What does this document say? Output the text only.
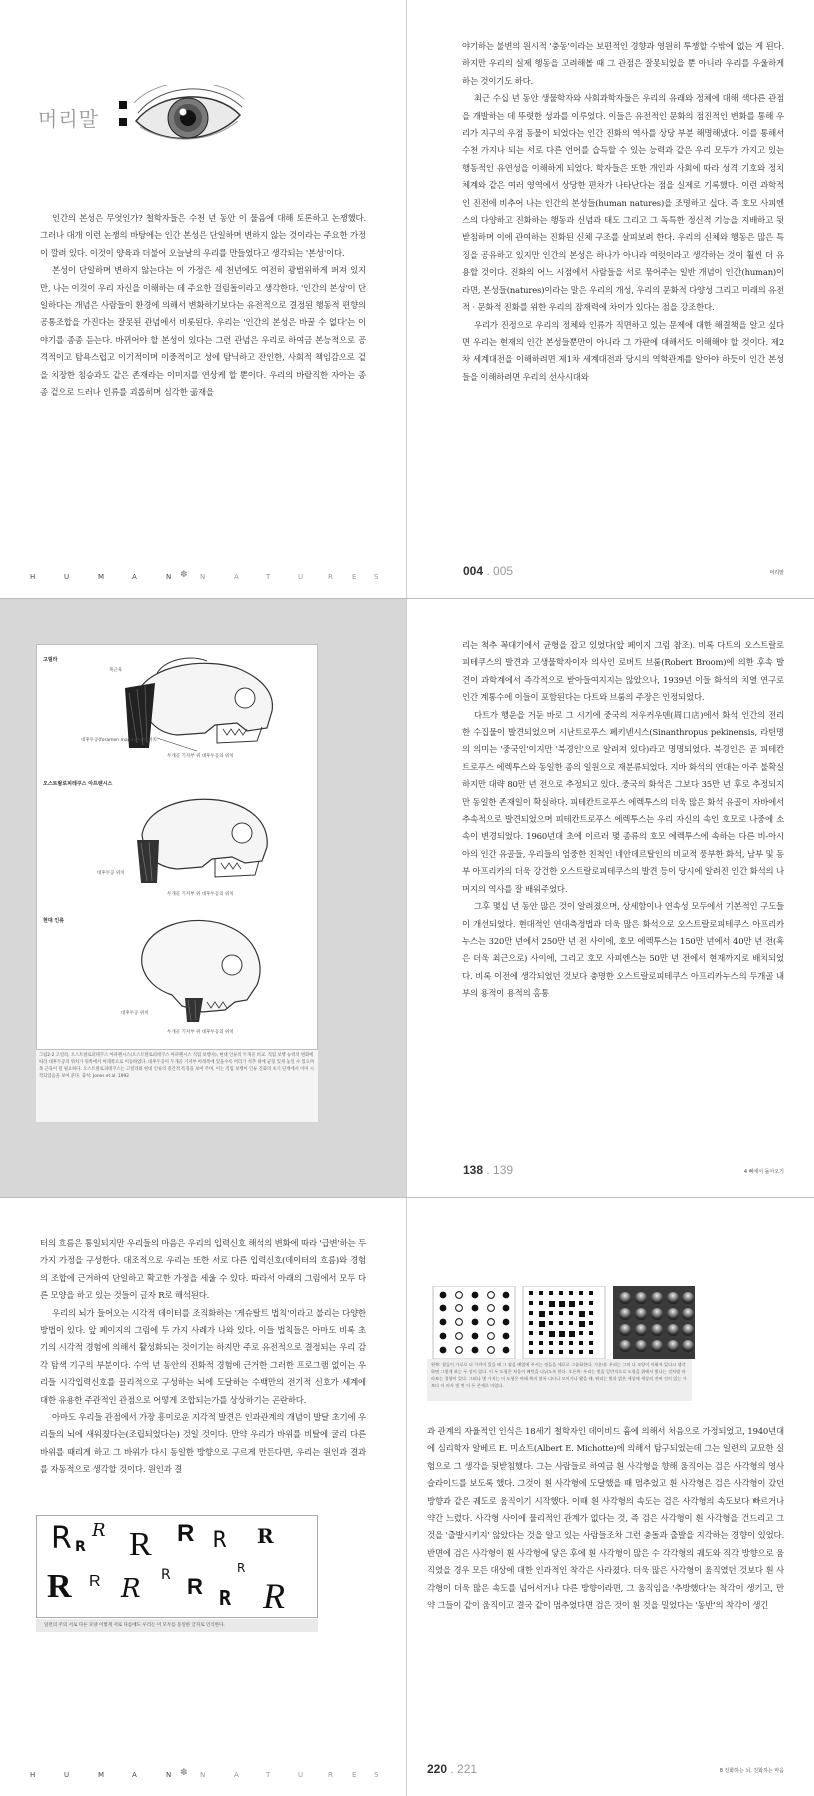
머리말

인간의 본성은 무엇인가? 철학자들은 수천 년 동안 이 물음에 대해 토론하고 논쟁했다. 그러나 대개 이런 논쟁의 바탕에는 인간 본성은 단일하며 변하지 않는 것이라는 주요한 가정이 깔려 있다. 이것이 양육과 더불어 오늘날의 우리를 만들었다고 생각되는 '본성'이다.

본성이 단일하며 변하지 않는다는 이 가정은 세 천년에도 여전히 광범위하게 퍼져 있지만, 나는 이것이 우리 자신을 이해하는 데 주요한 걸림돌이라고 생각한다. '인간의 본성'이 단일하다는 개념은 사람들이 환경에 의해서 변화하기보다는 유전적으로 결정된 행동적 편향의 공통조합을 가진다는 잘못된 관념에서 비롯된다. 우리는 '인간의 본성은 바꿀 수 없다'는 이야기를 종종 듣는다. 바뀌어야 할 본성이 있다는 그런 관념은 우리로 하여금 본능적으로 공격적이고 탐욕스럽고 이기적이며 이중적이고 성에 탐닉하고 잔인한, 사회적 책임감으로 겉을 치장한 침승과도 같은 존재라는 이미지를 연상케 할 뿐이다. 우리의 바람직한 자아는 종종 겉으로 드러나 인류를 괴롭히며 심각한 곪재을

H	U	M	A	N ✽ N	A	T	U	R	E	S

야기하는 불변의 원시적 '충동'이라는 보편적인 경향과 영원히 투쟁할 수밖에 없는 게 된다. 하지만 우리의 실제 행동을 고려해볼 때 그 관점은 잘못되었을 뿐 아니라 우리를 우울하게 하는 것이기도 하다.

최근 수십 년 동안 생물학자와 사회과학자들은 우리의 유래와 정체에 대해 색다른 관점을 개발하는 데 뚜렷한 성과를 이루었다. 이들은 유전적인 문화의 점진적인 변화를 통해 우리가 지구의 우점 동물이 되었다는 인간 진화의 역사를 상당 부분 해명해냈다. 이를 통해서 수천 가지나 되는 서로 다른 언어를 습득할 수 있는 능력과 같은 우리 모두가 가지고 있는 행동적인 유연성을 이해하게 되었다. 학자들은 또한 개인과 사회에 따라 성격 기호와 정치 체계와 같은 여러 영역에서 상당한 편차가 나타난다는 점을 실제로 기록했다. 이런 과학적인 진전에 비추어 나는 인간의 본성들(human natures)을 조명하고 싶다. 즉 호모 사피엔스의 다양하고 진화하는 행동과 신념과 태도 그리고 그 독특한 정신적 기능을 지배하고 뒷받침하며 이에 관여하는 진화된 신체 구조를 살피보려 한다. 우리의 신체와 행동은 많은 특징을 공유하고 있지만 인간의 본성은 하나가 아니라 여럿이라고 생각하는 것이 훨씬 더 유용할 것이다. 진화의 어느 시점에서 사람들을 서로 묶어주는 일반 개념이 인간(human)이라면, 본성들(natures)이라는 말은 우리의 개성, 우리의 문화적 다양성 그리고 미래의 유전적 · 문화적 진화를 위한 우리의 잠재력에 차이가 있다는 점을 강조한다.

우리가 진정으로 우리의 정체와 인류가 직면하고 있는 문제에 대한 해결책을 알고 싶다면 우리는 현재의 인간 본성들뿐만이 아니라 그 가판에 대해서도 이해해야 할 것이다. 제2차 세계대전을 이해하려면 제1차 세계대전과 당시의 역학관계를 알아야 하듯이 인간 본성들을 이해하려면 우리의 선사시대와

004 . 005	머리말
고릴라
목근육
대후두공(foramen magnum)의 위치
두개골 기저부 위 대후두공의 위치
오스트랄로피테쿠스 아프렌시스
대후두공 위치
두개골 기저부 위 대후두공의 위치
현대 인류
대후두공 위치
두개골 기저부 위 대후두공의 위치
그림2-2 고릴라, 오스트랄로피테쿠스 아파렌시스(오스트랄로피테쿠스 아파렌시스 직립 보행자), 현대 인류의 두개골 비교. 직립 보행 능력의 변화에 따라 대후두공의 위치가 뒤쪽에서 아래쪽으로 이동하였다. 대후두공이 두개골 기저부 아래쪽에 있을수록 머리가 척추 위에 균형 있게 놓일 수 있으며 목 근육이 덜 필요하다. 오스트랄로피테쿠스는 고릴라와 현대 인류의 중간적 특징을 보여 주며, 이는 직립 보행이 인류 진화의 초기 단계에서 이미 시작되었음을 보여 준다. 출처: Jones et al. 1992

리는 척추 꼭대기에서 균형을 잡고 있었다(앞 페이지 그림 참조). 비록 다트의 오스트랄로피테쿠스의 발견과 고생물학자이자 의사인 로버트 브룸(Robert Broom)에 의한 후속 발견이 과학계에서 즉각적으로 받아들여지지는 않았으나, 1939년 이들 화석의 치열 연구로 인간 계통수에 이들이 포함된다는 다트와 브룸의 주장은 인정되었다.

다트가 행운을 거둔 바로 그 시기에 중국의 저우커우뎬(周口店)에서 화석 인간의 전리한 수집물이 발견되었으며 시난트로푸스 페키넨시스(Sinanthropus pekinensis, 라틴명의 의미는 '중국인'이지만 '북경인'으로 알려져 있다)라고 명명되었다. 북경인은 곧 피테칸트로푸스 에렉투스와 동일한 종의 일원으로 재분류되었다. 지바 화석의 연대는 아주 불확실하지만 대략 80만 년 전으로 추정되고 있다. 중국의 화석은 그보다 35만 년 후로 추정되지만 동일한 존재일이 확실하다. 피테칸트로푸스 에렉투스의 더욱 많은 화석 유골이 자바에서 추속적으로 발견되었으며 피테칸트로푸스 에렉투스는 우리 자신의 속인 호모로 나중에 소속이 변경되었다. 1960년대 초에 이르러 몇 종류의 호모 에렉투스에 속하는 다른 비-아시아의 인간 유골들, 우리들의 엄중한 친척인 네안데르탈인의 비교적 풍부한 화석, 남부 및 동부 아프리카의 더욱 강건한 오스트랄로피테쿠스의 발견 등이 당시에 알려진 인간 화석의 나머지의 역사를 잘 배워주었다.

그후 몇십 년 동안 많은 것이 알려졌으며, 상세함이나 연속성 모두에서 기본적인 구도들이 개선되었다. 현대적인 연대측정법과 더욱 많은 화석으로 오스트랄로피테쿠스 아프리카누스는 320만 년에서 250만 년 전 사이에, 호모 에렉투스는 150만 년에서 40만 년 전(혹은 더욱 최근으로) 사이에, 그리고 호모 사피엔스는 50만 년 전에서 현재까지로 배치되었다. 비록 이전에 생각되었던 것보다 충명한 오스트랄로피테쿠스 아프리카누스의 두개골 내부의 용적이 용적의 홈통

138 . 139	4 뼈에서 돌아오기

터의 흐름은 통일되지만 우리들의 마음은 우리의 입력신호 해석의 변화에 따라 '급변'하는 두 가지 가정을 구성한다. 대조적으로 우리는 또한 서로 다른 입력신호(데이터의 흐름)와 경험의 조합에 근거하여 단일하고 확고한 가정을 세울 수 있다. 따라서 아래의 그림에서 모두 다른 모양을 하고 있는 것들이 글자 R로 해석된다.

우리의 뇌가 들어오는 시각적 데이터를 조직화하는 '게슈탈트 법칙'이라고 불리는 다양한 방법이 있다. 앞 페이지의 그림에 두 가지 사례가 나와 있다. 이들 법칙들은 아마도 비록 초기의 시각적 경험에 의해서 활성화되는 것이기는 하지만 주로 유전적으로 결정되는 우리 감각 탐색 기구의 부분이다. 수억 년 동안의 진화적 경험에 근거한 그러한 프로그램 없이는 우리들 시각입력신호를 끌리적으로 구성하는 뇌에 도달하는 수백만의 전기적 신호가 세계에 대한 유용한 주관적인 관점으로 어떻게 조합되는가를 상상하기는 곤란하다.

아마도 우리들 관점에서 가장 흥미로운 지각적 발견은 인과관계의 개념이 발달 초기에 우리들의 뇌에 새워졌다는(조립되었다는) 것일 것이다. 만약 우리가 바위를 비탈에 굴리 다른 바위를 때리게 하고 그 바위가 다시 동일한 방향으로 구르게 만든다면, 우리는 원인과 결과를 자동적으로 생각할 것이다. 원인과 결

R R R R R R
R
R R R R R R R
R
일련의 주의 서로 다른 모양 이렇게 서로 다를에도 우리는 이 모두를 동일한 글자로 인식한다.
H	U	M	A	N ✽ N	A	T	U	R	E	S
왼쪽: 점들이 가로로 더 가까이 있을 때 그 점을 배열에 주시는 정들을 세로로 그룹화한다. 가운데: 우리는 그의 나 모양이 이뤄져 있다고 생각하면 그렇게 보는 두 장이 있다. 이 두 도형은 처음이 패턴을 나뉘도록 한다. 오른쪽: 우리는 빛을 일반적으로 도형을 위에서 빛나는 것처럼 바라보는 경향이 있다. 그러나 몇 가지는 이 도형은 아래 쪽의 볼록 나타나 모이거나 왔을 때, 뭐리는 빛과 밝은 세상에 세상의 진짜 것이 있는 가보다 이 의사 빛 변 이 든 존재로 이었다.

과 관계의 자율적인 인식은 18세기 철학자인 데이비드 흄에 의해서 처음으로 가정되었고, 1940년대에 심리학자 알베르 E. 미쇼트(Albert E. Michotte)에 의해서 탐구되었는데 그는 일련의 교묘한 실험으로 그 생각을 뒷받침했다. 그는 사람들로 하여금 흰 사각형을 향해 움직이는 검은 사각형의 영사 슬라이드를 보도록 했다. 그것이 흰 사각형에 도달했을 때 멈추었고 흰 사각형은 검은 사각형이 갔던 방향과 같은 궤도로 움직이기 시작했다. 이때 흰 사각형의 속도는 검은 사각형의 속도보다 빠르거나 약간 느렸다. 사각형 사이에 물리적인 관계가 없다는 것, 즉 검은 사각형이 흰 사각형을 건드리고 그것을 '출발시키지' 않았다는 것을 알고 있는 사람들조차 그런 충돌과 출발을 지각하는 경향이 있었다. 반면에 검은 사각형이 흰 사각형에 닿은 후에 흰 사각형이 많은 수 각각형의 궤도와 직각 방향으로 움직였을 경우 모든 대상에 대한 인과적인 착각은 사라졌다. 더욱 많은 사각형이 움직였던 것보다 흰 사각형이 더욱 많은 속도를 넘어서거나 다른 방향이라면, 그 움직임을 '추방했다'는 착각이 생기고, 만약 그들이 같이 움직이고 결국 같이 멈추었다면 검은 것이 흰 것을 밀었다는 '동반'의 착각이 생긴

220 . 221	8 진화하는 뇌, 진화하는 마음
